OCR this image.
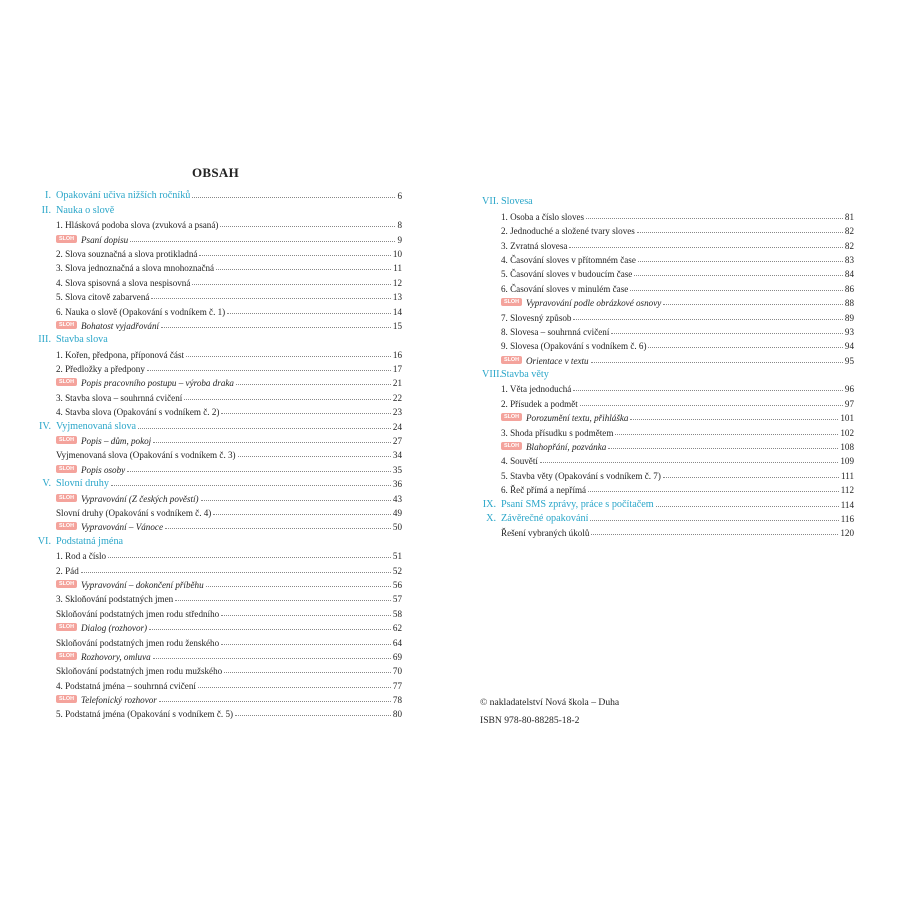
OBSAH
I. Opakování učiva nižších ročníků	6
II. Nauka o slově
1. Hlásková podoba slova (zvuková a psaná)	8
SLOH Psaní dopisu	9
2. Slova souznačná a slova protikladná	10
3. Slova jednoznačná a slova mnohoznačná	11
4. Slova spisovná a slova nespisovná	12
5. Slova citově zabarvená	13
6. Nauka o slově (Opakování s vodníkem č. 1)	14
SLOH Bohatost vyjadřování	15
III. Stavba slova
1. Kořen, předpona, příponová část	16
2. Předložky a předpony	17
SLOH Popis pracovního postupu – výroba draka	21
3. Stavba slova – souhrnná cvičení	22
4. Stavba slova (Opakování s vodníkem č. 2)	23
IV. Vyjmenovaná slova	24
SLOH Popis – dům, pokoj	27
Vyjmenovaná slova (Opakování s vodníkem č. 3)	34
SLOH Popis osoby	35
V. Slovní druhy	36
SLOH Vypravování (Z českých pověstí)	43
Slovní druhy (Opakování s vodníkem č. 4)	49
SLOH Vypravování – Vánoce	50
VI. Podstatná jména
1. Rod a číslo	51
2. Pád	52
SLOH Vypravování – dokončení příběhu	56
3. Skloňování podstatných jmen	57
Skloňování podstatných jmen rodu středního	58
SLOH Dialog (rozhovor)	62
Skloňování podstatných jmen rodu ženského	64
SLOH Rozhovory, omluva	69
Skloňování podstatných jmen rodu mužského	70
4. Podstatná jména – souhrnná cvičení	77
SLOH Telefonický rozhovor	78
5. Podstatná jména (Opakování s vodníkem č. 5)	80
VII. Slovesa
1. Osoba a číslo sloves	81
2. Jednoduché a složené tvary sloves	82
3. Zvratná slovesa	82
4. Časování sloves v přítomném čase	83
5. Časování sloves v budoucím čase	84
6. Časování sloves v minulém čase	86
SLOH Vypravování podle obrázkové osnovy	88
7. Slovesný způsob	89
8. Slovesa – souhrnná cvičení	93
9. Slovesa (Opakování s vodníkem č. 6)	94
SLOH Orientace v textu	95
VIII.
Stavba věty
1. Věta jednoduchá	96
2. Přísudek a podmět	97
SLOH Porozumění textu, přihláška	101
3. Shoda přísudku s podmětem	102
SLOH Blahopřání, pozvánka	108
4. Souvětí	109
5. Stavba věty (Opakování s vodníkem č. 7)	111
6. Řeč přímá a nepřímá	112
IX. Psaní SMS zprávy, práce s počítačem	114
X. Závěrečné opakování	116
Řešení vybraných úkolů	120
© nakladatelství Nová škola – Duha
ISBN 978-80-88285-18-2
